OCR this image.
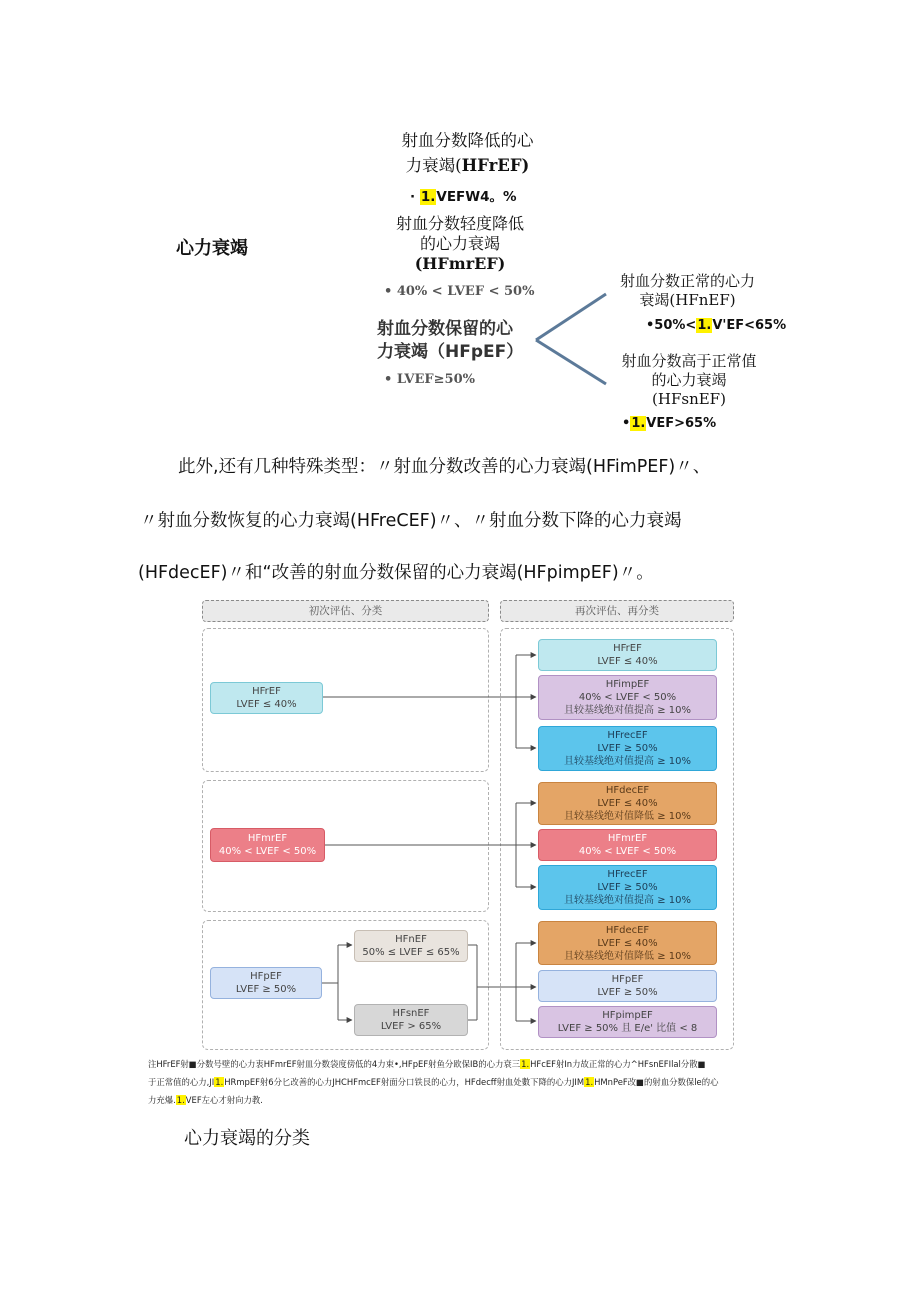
射血分数降低的心
力衰竭(HFrEF)
· 1.VEFW4。%
心力衰竭
射血分数轻度降低
的心力衰竭
(HFmrEF)
• 40% < LVEF < 50%
射血分数保留的心
力衰竭（HFpEF）
• LVEF≥50%
射血分数正常的心力
衰竭(HFnEF)
•50%<1.V'EF<65%
射血分数高于正常值
的心力衰竭
(HFsnEF)
•1.VEF>65%
此外,还有几种特殊类型：〃射血分数改善的心力衰竭(HFimPEF)〃、
〃射血分数恢复的心力衰竭(HFreCEF)〃、〃射血分数下降的心力衰竭
(HFdecEF)〃和“改善的射血分数保留的心力衰竭(HFpimpEF)〃。
初次评估、分类	再次评估、再分类
HFrEF
LVEF ≤ 40%
HFmrEF
40% < LVEF < 50%
HFpEF
LVEF ≥ 50%
HFnEF
50% ≤ LVEF ≤ 65%
HFsnEF
LVEF > 65%
HFrEF
LVEF ≤ 40%
HFimpEF
40% < LVEF < 50%
且较基线绝对值提高 ≥ 10%
HFrecEF
LVEF ≥ 50%
且较基线绝对值提高 ≥ 10%
HFdecEF
LVEF ≤ 40%
且较基线绝对值降低 ≥ 10%
HFmrEF
40% < LVEF < 50%
HFrecEF
LVEF ≥ 50%
且较基线绝对值提高 ≥ 10%
HFdecEF
LVEF ≤ 40%
且较基线绝对值降低 ≥ 10%
HFpEF
LVEF ≥ 50%
HFpimpEF
LVEF ≥ 50% 且 E/e' 比值 < 8
注HFrEF射■分数号壁的心力衷HFmrEF射皿分数袋度傍低的4力束•,HFpEF射鱼分欧保IB的心力衰三1.HFcEF射In力故正常的心力^HFsnEFIlal分散■
于正常值的心力,JI1.HRmpEF射6分匕改善的心力JHCHFmcEF射面分口铁艮的心力，HFdecff射血处數下降的心力JIM1.HMnPeF改■的射血分数保le的心
力充爆.1.VEF左心才射向力教.
心力衰竭的分类
